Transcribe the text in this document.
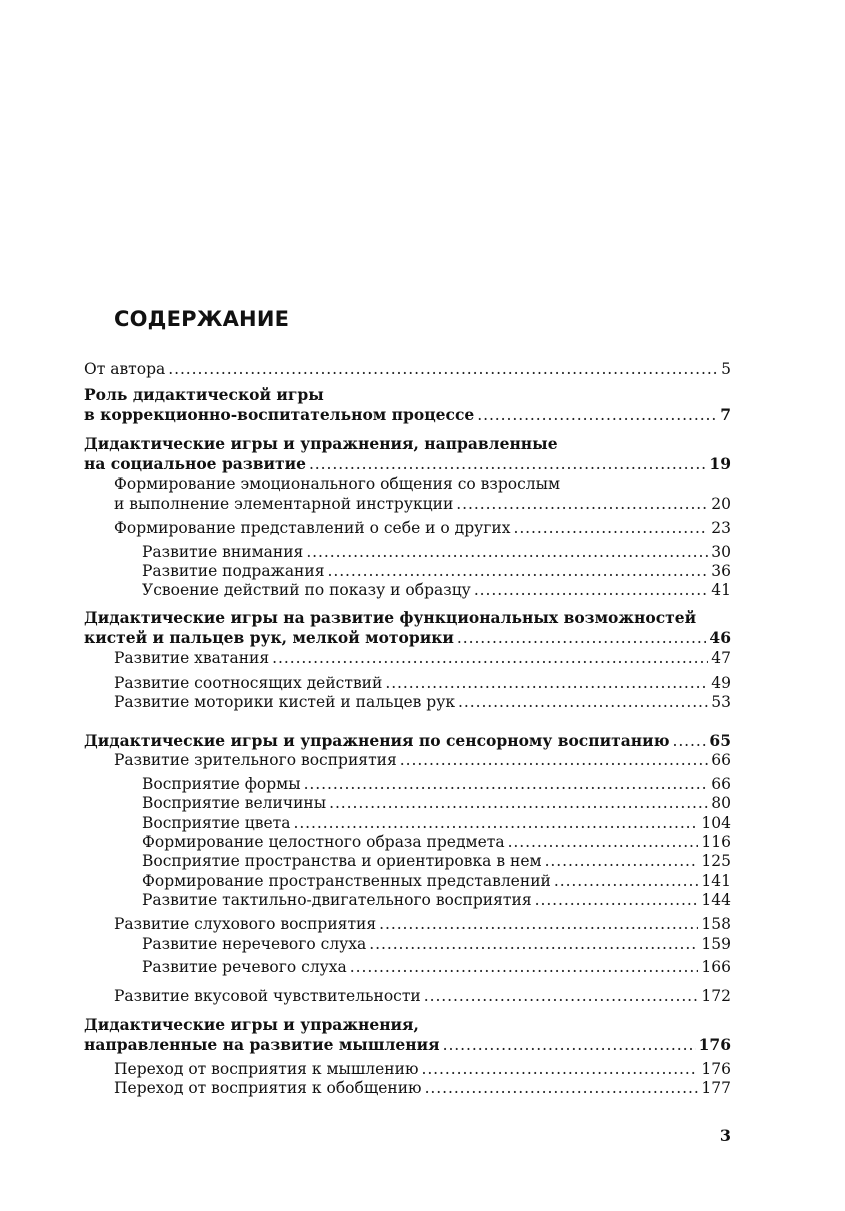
СОДЕРЖАНИЕ
От автора . . .	5
Роль дидактической игры
в коррекционно-воспитательном процессе . . .	7
Дидактические игры и упражнения, направленные
на социальное развитие . . .	19
Формирование эмоционального общения со взрослым
и выполнение элементарной инструкции . . .	20
Формирование представлений о себе и о других . . .	23
Развитие внимания . . .	30
Развитие подражания . . .	36
Усвоение действий по показу и образцу . . .	41
Дидактические игры на развитие функциональных возможностей
кистей и пальцев рук, мелкой моторики . . .	46
Развитие хватания . . .	47
Развитие соотносящих действий . . .	49
Развитие моторики кистей и пальцев рук . . .	53
Дидактические игры и упражнения по сенсорному воспитанию . . .	65
Развитие зрительного восприятия . . .	66
Восприятие формы . . .	66
Восприятие величины . . .	80
Восприятие цвета . . .	104
Формирование целостного образа предмета . . .	116
Восприятие пространства и ориентировка в нем . . .	125
Формирование пространственных представлений . . .	141
Развитие тактильно-двигательного восприятия . . .	144
Развитие слухового восприятия . . .	158
Развитие неречевого слуха . . .	159
Развитие речевого слуха . . .	166
Развитие вкусовой чувствительности . . .	172
Дидактические игры и упражнения,
направленные на развитие мышления . . .	176
Переход от восприятия к мышлению . . .	176
Переход от восприятия к обобщению . . .	177
3
